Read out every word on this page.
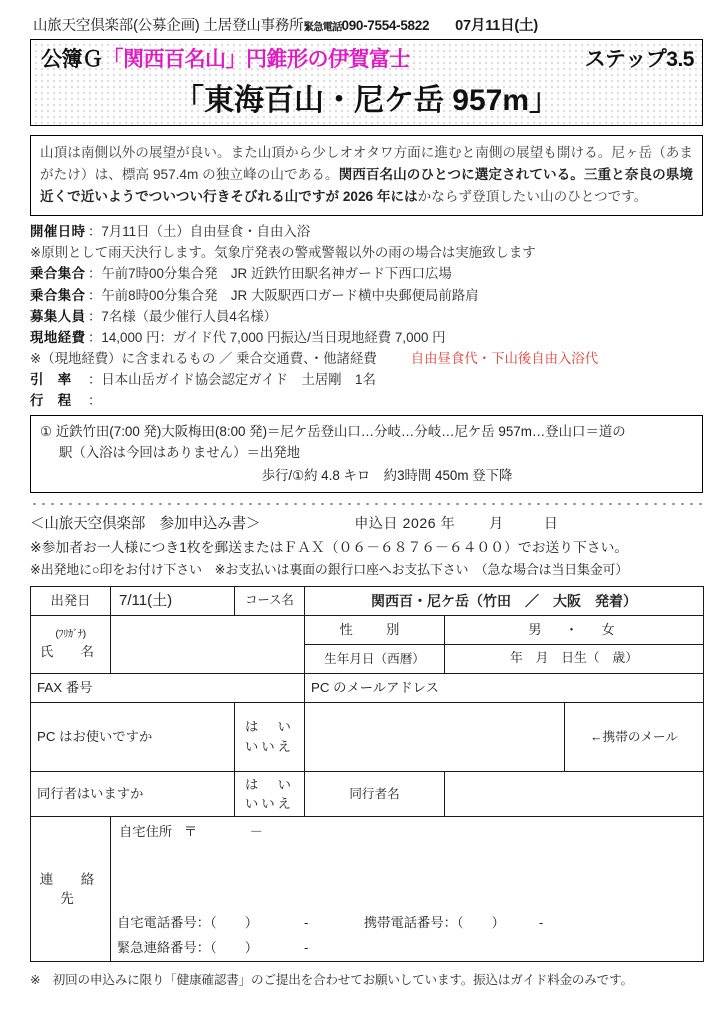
山旅天空倶楽部(公募企画) 土居登山事務所 緊急電話 090-7554-5822 07月11日(土)
公簿Ｇ「関西百名山」円錐形の伊賀富士	ステップ3.5
「東海百山・尼ケ岳 957m」
山頂は南側以外の展望が良い。また山頂から少しオオタワ方面に進むと南側の展望も開ける。尼ヶ岳（あまがたけ）は、標高 957.4m の独立峰の山である。関西百名山のひとつに選定されている。三重と奈良の県境近くで近いようでついつい行きそびれる山ですが 2026 年にはかならず登頂したい山のひとつです。
開催日時 ：7月11日（土）自由昼食・自由入浴
※原則として雨天決行します。気象庁発表の警戒警報以外の雨の場合は実施致します
乗合集合 ：午前7時00分集合発　JR 近鉄竹田駅名神ガード下西口広場
乗合集合 ：午前8時00分集合発　JR 大阪駅西口ガード横中央郵便局前路肩
募集人員 ：7名様（最少催行人員4名様）
現地経費 ：14,000 円：ガイド代 7,000 円振込/当日現地経費 7,000 円
※（現地経費）に含まれるもの ／ 乗合交通費、・他諸経費	自由昼食代・下山後自由入浴代
引　率 ：日本山岳ガイド協会認定ガイド　土居剛　1名
行　程 ：
① 近鉄竹田(7:00 発)大阪梅田(8:00 発)＝尼ケ岳登山口…分岐…分岐…尼ケ岳 957m…登山口＝道の
駅（入浴は今回はありません）＝出発地
歩行/①約 4.8 キロ　約3時間 450m 登下降
＜山旅天空倶楽部　参加申込み書＞	申込日 2026 年 月	日
※参加者お一人様につき1枚を郵送またはＦＡＸ（０６－６８７６－６４００）でお送り下さい。
※出発地に○印をお付け下さい　※お支払いは裏面の銀行口座へお支払下さい　（急な場合は当日集金可）
出発日	7/11(土)	コース名	関西百・尼ケ岳（竹田　／　大阪　発着）		

(ﾌﾘｶﾞﾅ)
氏　名			性　別	男　・　女	
			生年月日（西暦）	年　月　日生（　歳）	
FAX 番号			PC のメールアドレス		
PC はお使いですか		は　い　いいえ			←携帯のメール
同行者はいますか		は　い　いいえ	同行者名		
連　絡　先	自宅住所 〒 －
自宅電話番号：（ ） - 携帯電話番号：（ ） -
緊急連絡番号：（ ） -				
※　初回の申込みに限り「健康確認書」のご提出を合わせてお願いしています。振込はガイド料金のみです。
